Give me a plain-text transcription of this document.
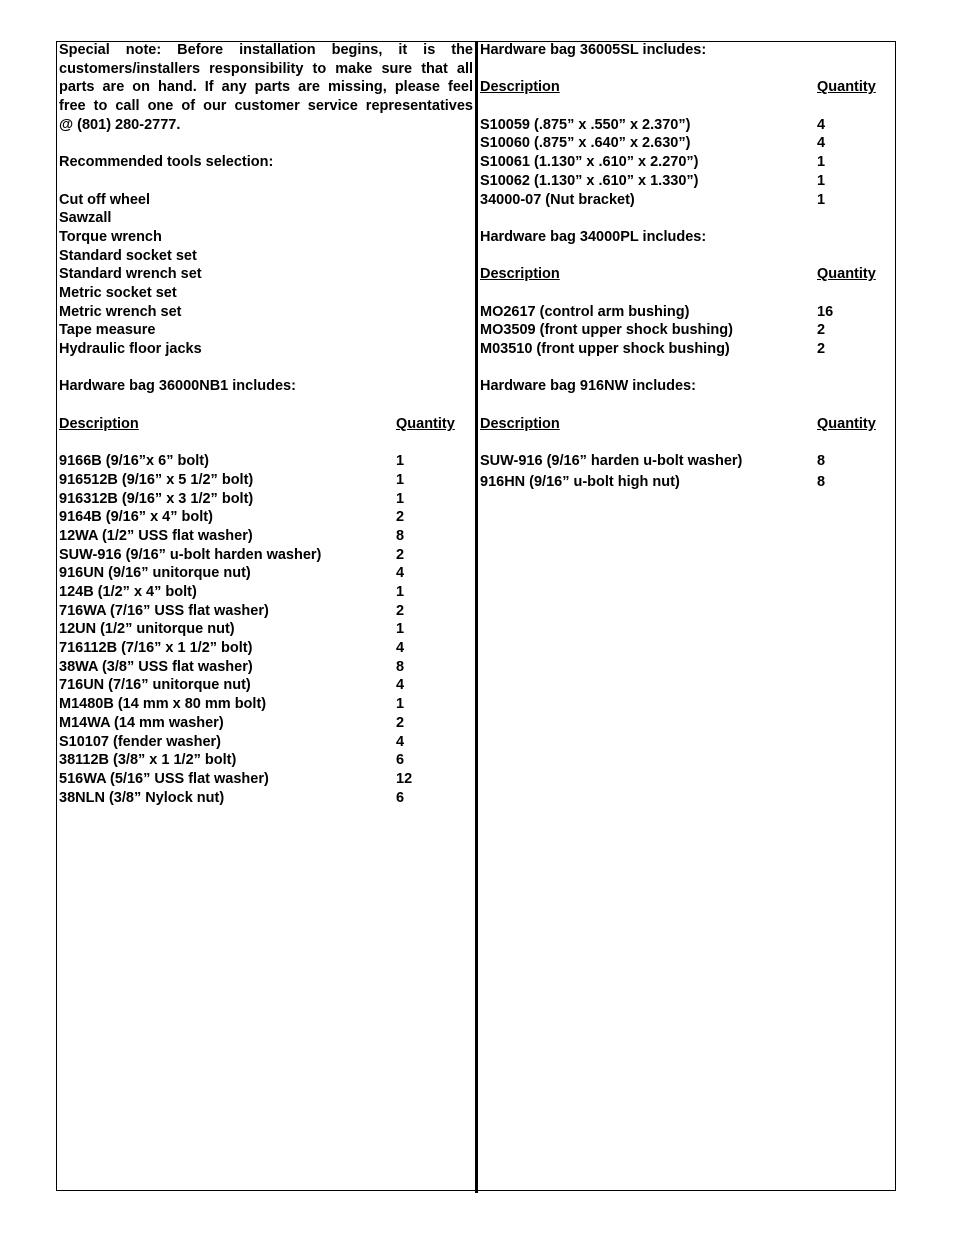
Special note: Before installation begins, it is the
customers/installers responsibility to make sure that all
parts are on hand. If any parts are missing, please feel
free to call one of our customer service representatives
@ (801) 280-2777.
Recommended tools selection:
Cut off wheel
Sawzall
Torque wrench
Standard socket set
Standard wrench set
Metric socket set
Metric wrench set
Tape measure
Hydraulic floor jacks
Hardware bag 36000NB1 includes:
Description	Quantity
9166B (9/16”x 6” bolt)	1
916512B (9/16” x 5 1/2” bolt)	1
916312B (9/16” x 3 1/2” bolt)	1
9164B (9/16” x 4” bolt)	2
12WA (1/2” USS flat washer)	8
SUW-916 (9/16” u-bolt harden washer)	2
916UN (9/16” unitorque nut)	4
124B (1/2” x 4” bolt)	1
716WA (7/16” USS flat washer)	2
12UN (1/2” unitorque nut)	1
716112B (7/16” x 1 1/2” bolt)	4
38WA (3/8” USS flat washer)	8
716UN (7/16” unitorque nut)	4
M1480B (14 mm x 80 mm bolt)	1
M14WA (14 mm washer)	2
S10107 (fender washer)	4
38112B (3/8” x 1 1/2” bolt)	6
516WA (5/16” USS flat washer)	12
38NLN (3/8” Nylock nut)	6
Hardware bag 36005SL includes:
Description	Quantity
S10059 (.875” x .550” x 2.370”)	4
S10060 (.875” x .640” x 2.630”)	4
S10061 (1.130” x .610” x 2.270”)	1
S10062 (1.130” x .610” x 1.330”)	1
34000-07 (Nut bracket)	1
Hardware bag 34000PL includes:
Description	Quantity
MO2617 (control arm bushing)	16
MO3509 (front upper shock bushing)	2
M03510 (front upper shock bushing)	2
Hardware bag 916NW includes:
Description	Quantity
SUW-916 (9/16” harden u-bolt washer)	8
916HN (9/16” u-bolt high nut)	8
